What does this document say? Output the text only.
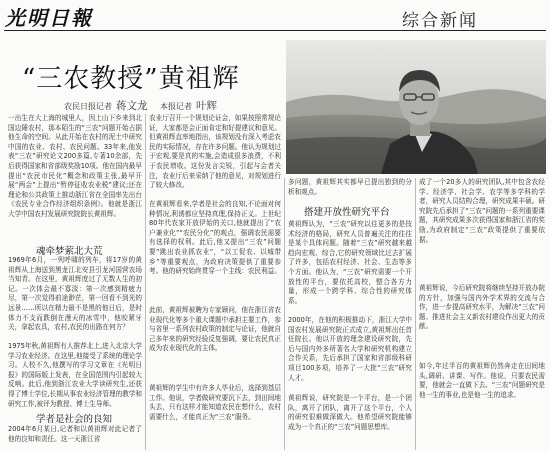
光明日報	综合新闻
“三农教授”黄祖辉
农民日报记者 蒋文龙 本报记者 叶辉
一出生在大上海的城里人，因上山下乡来到北国边陲农村，那本陌生的“三农”问题开始占据他生命的空间。从此开始在农村的泥土中研究中国的农业、农村、农民问题。33年来,他发表“三农”研究论文200多篇,专著10余部，先后获得国家和省部级奖励10项。他在国内最早提出“农民市民化”概念和政策主张,最早开展“两会”上提出“暂停征收农业税”建议;还在理论和公共政策上推动浙江省在全国率先出台《农民专业合作经济组织条例》。他就是浙江大学中国农村发展研究院院长黄祖辉。
魂牵梦萦北大荒
1969年6月，一列呼啸的列车，将17岁的黄祖辉从上海送到黑龙江北安县引龙河国营农场当知青。在这里，黄祖辉度过了无数人生的初记。一次体会最不寡淡：第一次感到精疲力尽，第一次觉得前途渺茫，第一回看不到光的远景……所以在精力最不是黑的他日后，是时体力不支而跌倒在漫天的冰雪中，他咬紧牙关，拿起农具，农村,农民的出路在何方？
1975年秋,黄祖辉有人推荐北上,进入北京大学学习农业经济。在这里,他接受了系统的理论学习。人校不久,他撰写的学习文章在《光明日报》的国际版上发表，在全国范围内引起较大反响。此后,他到浙江农业大学读研究生,还获得了博士学位,长期从事农业经济管理的教学和研究工作,被评为教授、博士生导师。
学者是社会的良知
2004年6月某日,记者和以黄祖辉对此记者了他的良知和责任。这一天浙江省
农业厅召开一个规划论证会，如果按照常规论证，大家都是会正面肯定和好提建议和意见。但黄祖辉直率地指出，该规划没有深入考虑农民的实际情况，存在许多问题。他认为规划过于宏观,要是真的实施,会造成很多浪费，不利于农民增收。这份发言尖锐，引起与会者关注，农业厅后来采纳了他的意见，对规划进行了较大修改。
在黄祖辉看来,学者是社会的良知,不论面对何种情况,利诱都应坚持真理,保持正义。上世纪80年代农家开放伊始的关口,他就提出了“农户兼业化”“农民分化”的观点，强调农民需要有选择的权利。此后,他又提出“三农”问题要“跳出农业抓农业”，“以工促农、以城带乡”等重要观点，为政府决策提供了重要参考。他的研究始终贯穿一个主线：农民利益。
此前，黄祖辉被聘为专家顾问，他在浙江省农业现代化等多个重大课题中承担主要工作，参与省里一系列农村政策的制定与论证，他就自己多年来的研究经验反复强调，要让农民真正成为农业现代化的主体。
黄祖辉的学生中有许多人毕业后，选择到基层工作。他说，学者做研究要沉下去，到田间地头去，只有这样才能知道农民在想什么，农村需要什么，才能真正为“三农”服务。
多问题，黄祖辉其实都早已提出独到的分析和观点。
搭建开放性研究平台
黄祖辉认为，“三农”研究以往更多的是技术经济的格局，研究人员普遍关注的往往是某个具体问题。随着“三农”研究越来越趋向宏观、综合,它的研究领域比过去扩展了许多，包括农村经济、社会、生态等多个方面。他认为，“三农”研究需要一个开放性的平台，要依托高校，整合各方力量，形成一个跨学科、综合性的研究体系。
2000年，在他的积极推动下，浙江大学中国农村发展研究院正式成立,黄祖辉出任首任院长。他以开放的理念建设研究院，先后与国内外多所著名大学和研究机构建立合作关系，先后承担了国家和省部级科研项目100多项，培养了一大批“三农”研究人才。
黄祖辉说，研究院是一个平台，是一个团队，离开了团队，离开了这个平台，个人的研究很难做深做大。他希望研究院能够成为一个真正的“三农”问题思想库。
成了一个20多人的研究团队,其中包含农经学、经济学、社会学、农学等多学科的学者，研究人员结构合理，研究成果丰硕。研究院先后承担了“三农”问题的一系列重要课题，其研究成果多次获得国家和浙江省的奖励,为政府制定“三农”政策提供了重要依据。
黄祖辉说，今后研究院将继续坚持开放办院的方针，加强与国内外学术界的交流与合作，进一步提高研究水平，为解决“三农”问题、推进社会主义新农村建设作出更大的贡献。
如今,年过半百的黄祖辉仍然奔走在田间地头,调研、讲课、写作。他说，只要农民需要，他就会一直做下去。“三农”问题研究是他一生的事业,也是他一生的追求。
